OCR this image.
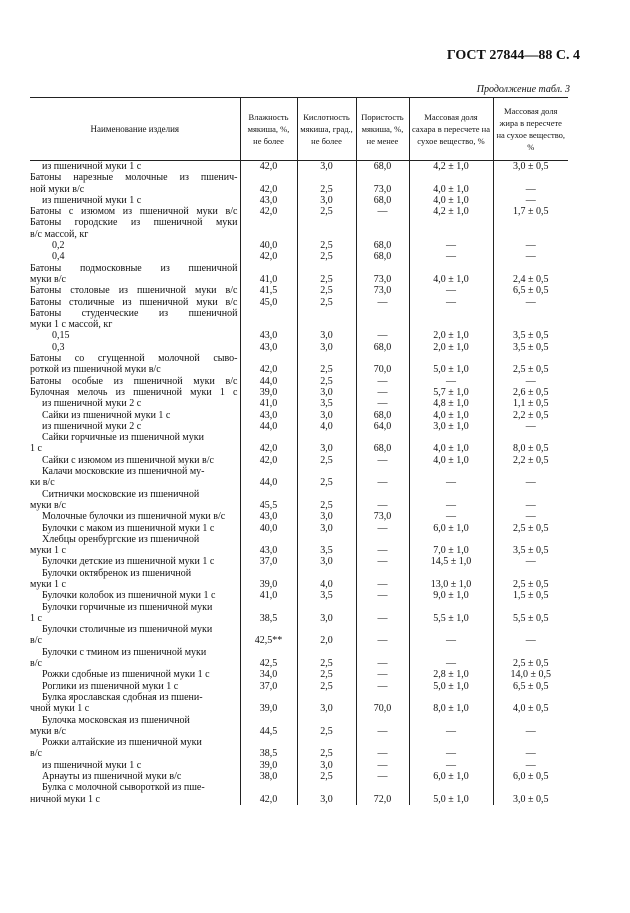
ГОСТ 27844—88 С. 4
Продолжение табл. 3
Наименование изделия	Влажность мякиша, %, не более	Кислотность мякиша, град., не более	Пористость мякиша, %, не менее	Массовая доля сахара в пересчете на сухое вещество, %	Массовая доля жира в пересчете на сухое вещество, %
из пшеничной муки 1 с	42,0	3,0	68,0	4,2 ± 1,0	3,0 ± 0,5
Батоны нарезные молочные из пшенич-					
ной муки в/с	42,0	2,5	73,0	4,0 ± 1,0	—
из пшеничной муки 1 с	43,0	3,0	68,0	4,0 ± 1,0	—
Батоны с изюмом из пшеничной муки в/с	42,0	2,5	—	4,2 ± 1,0	1,7 ± 0,5
Батоны городские из пшеничной муки					
в/с массой, кг					
0,2	40,0	2,5	68,0	—	—
0,4	42,0	2,5	68,0	—	—
Батоны подмосковные из пшеничной					
муки в/с	41,0	2,5	73,0	4,0 ± 1,0	2,4 ± 0,5
Батоны столовые из пшеничной муки в/с	41,5	2,5	73,0	—	6,5 ± 0,5
Батоны столичные из пшеничной муки в/с	45,0	2,5	—	—	—
Батоны студенческие из пшеничной					
муки 1 с массой, кг					
0,15	43,0	3,0	—	2,0 ± 1,0	3,5 ± 0,5
0,3	43,0	3,0	68,0	2,0 ± 1,0	3,5 ± 0,5
Батоны со сгущенной молочной сыво-					
роткой из пшеничной муки в/с	42,0	2,5	70,0	5,0 ± 1,0	2,5 ± 0,5
Батоны особые из пшеничной муки в/с	44,0	2,5	—	—	—
Булочная мелочь из пшеничной муки 1 с	39,0	3,0	—	5,7 ± 1,0	2,6 ± 0,5
из пшеничной муки 2 с	41,0	3,5	—	4,8 ± 1,0	1,1 ± 0,5
Сайки из пшеничной муки 1 с	43,0	3,0	68,0	4,0 ± 1,0	2,2 ± 0,5
из пшеничной муки 2 с	44,0	4,0	64,0	3,0 ± 1,0	—
Сайки горчичные из пшеничной муки					
1 с	42,0	3,0	68,0	4,0 ± 1,0	8,0 ± 0,5
Сайки с изюмом из пшеничной муки в/с	42,0	2,5	—	4,0 ± 1,0	2,2 ± 0,5
Калачи московские из пшеничной му-					
ки в/с	44,0	2,5	—	—	—
Ситнички московские из пшеничной					
муки в/с	45,5	2,5	—	—	—
Молочные булочки из пшеничной муки в/с	43,0	3,0	73,0	—	—
Булочки с маком из пшеничной муки 1 с	40,0	3,0	—	6,0 ± 1,0	2,5 ± 0,5
Хлебцы оренбургские из пшеничной					
муки 1 с	43,0	3,5	—	7,0 ± 1,0	3,5 ± 0,5
Булочки детские из пшеничной муки 1 с	37,0	3,0	—	14,5 ± 1,0	—
Булочки октябренок из пшеничной					
муки 1 с	39,0	4,0	—	13,0 ± 1,0	2,5 ± 0,5
Булочки колобок из пшеничной муки 1 с	41,0	3,5	—	9,0 ± 1,0	1,5 ± 0,5
Булочки горчичные из пшеничной муки					
1 с	38,5	3,0	—	5,5 ± 1,0	5,5 ± 0,5
Булочки столичные из пшеничной муки					
в/с	42,5**	2,0	—	—	—
Булочки с тмином из пшеничной муки					
в/с	42,5	2,5	—	—	2,5 ± 0,5
Рожки сдобные из пшеничной муки 1 с	34,0	2,5	—	2,8 ± 1,0	14,0 ± 0,5
Роглики из пшеничной муки 1 с	37,0	2,5	—	5,0 ± 1,0	6,5 ± 0,5
Булка ярославская сдобная из пшени-					
чной муки 1 с	39,0	3,0	70,0	8,0 ± 1,0	4,0 ± 0,5
Булочка московская из пшеничной					
муки в/с	44,5	2,5	—	—	—
Рожки алтайские из пшеничной муки					
в/с	38,5	2,5	—	—	—
из пшеничной муки 1 с	39,0	3,0	—	—	—
Арнауты из пшеничной муки в/с	38,0	2,5	—	6,0 ± 1,0	6,0 ± 0,5
Булка с молочной сывороткой из пше-					
ничной муки 1 с	42,0	3,0	72,0	5,0 ± 1,0	3,0 ± 0,5
